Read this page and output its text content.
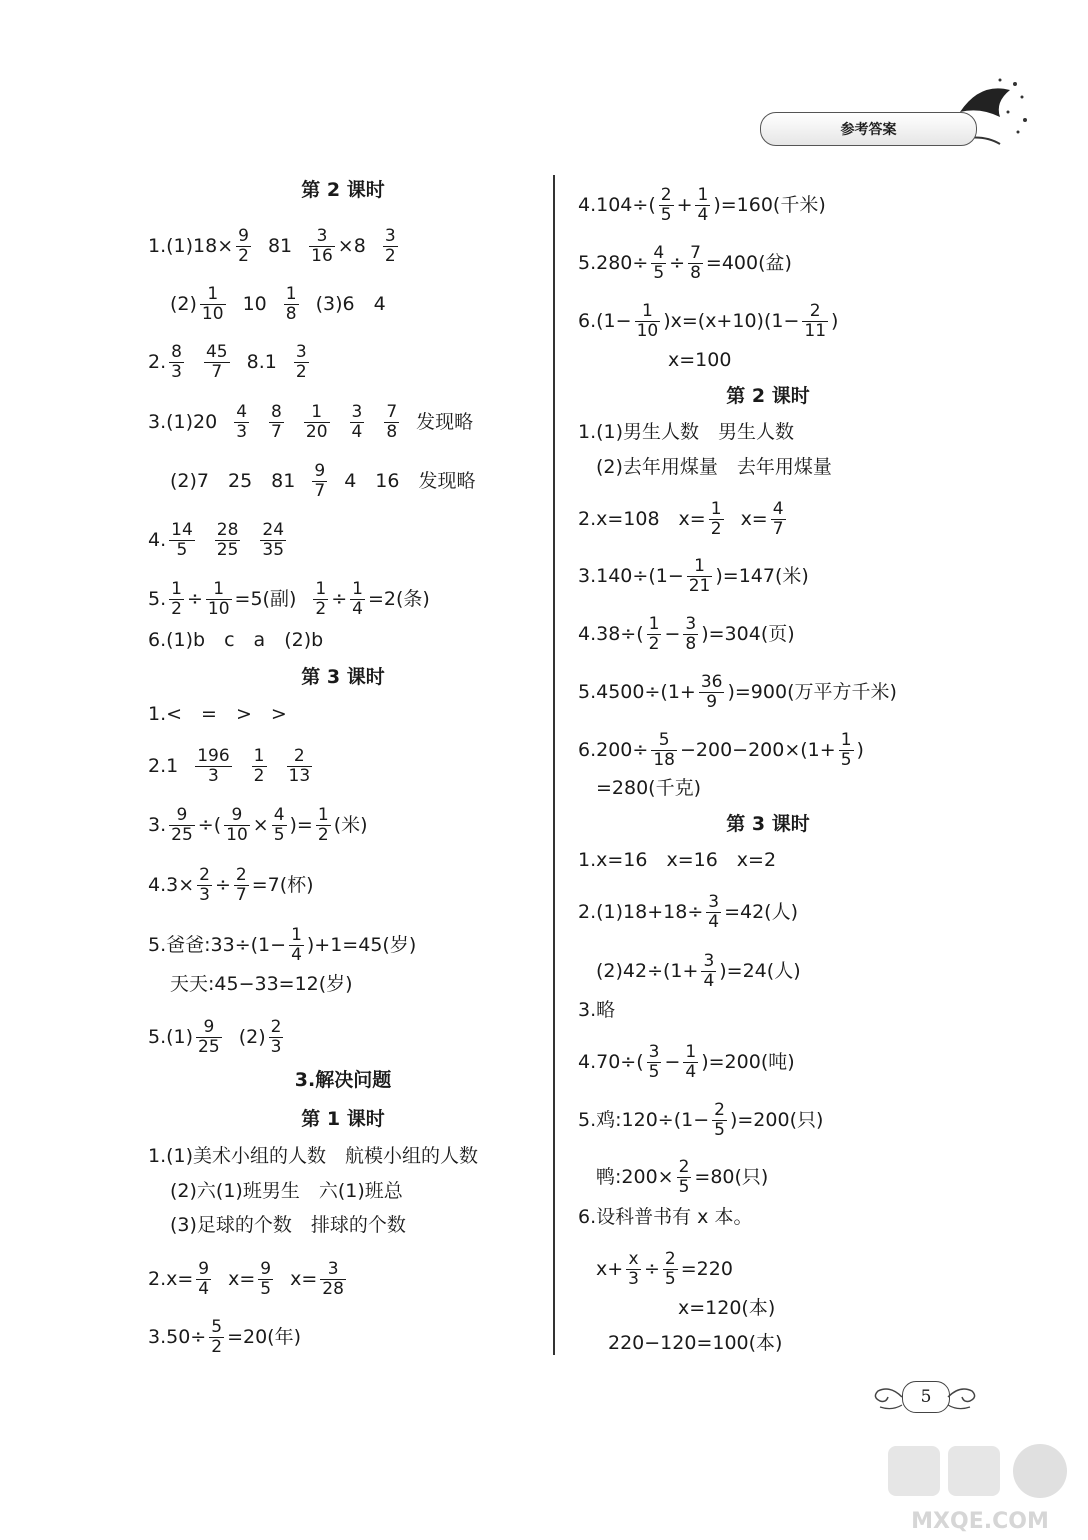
参考答案
第 2 课时
$1.(1)18\times \frac{9}{2} 81 \frac{3}{16} \times 8 \frac{3}{2}$
$(2) \frac{1}{10} 10 \frac{1}{8} (3)6$　4
2. $\frac{8}{3} \frac{45}{7} 8.1 \frac{3}{2}$
$3.(1)20 \frac{4}{3} \frac{8}{7} \frac{1}{20} \frac{3}{4} \frac{7}{8}$ 发现略
(2)7　25　$81 \frac{9}{7} 4$　16　发现略
4. $\frac{14}{5} \frac{28}{25} \frac{24}{35}$
5. $\frac{1}{2} \div \frac{1}{10} =5$(副) $\frac{1}{2} \div \frac{1}{4} =2$(条)
6.(1)b　c　a　(2)b
第 3 课时
1.<　=　>　>
$2.1 \frac{196}{3} \frac{1}{2} \frac{2}{13}$
3. $\frac{9}{25}$ ÷( $\frac{9}{10} \times \frac{4}{5}$ )= $\frac{1}{2}$ (米)
$4.3\times \frac{2}{3} \div \frac{2}{7} =7$(杯)
5.爸爸:33÷(1− $\frac{1}{4} )+1=45$(岁)
天天:45−33=12(岁)
$5.(1) \frac{9}{25} (2) \frac{2}{3}$
3.解决问题
第 1 课时
1.(1)美术小组的人数　航模小组的人数
(2)六(1)班男生　六(1)班总
(3)足球的个数　排球的个数
$2.x= \frac{9}{4} x= \frac{9}{5} x= \frac{3}{28}$
$3.50\div \frac{5}{2} =20$(年)
$4.104\div( \frac{2}{5} + \frac{1}{4} )=160$(千米)
$5.280\div \frac{4}{5} \div \frac{7}{8} =400$(盆)
$6.(1- \frac{1}{10} )x=(x+10)(1- \frac{2}{11}$ )
x=100
第 2 课时
1.(1)男生人数　男生人数
(2)去年用煤量　去年用煤量
2.x=108　$x= \frac{1}{2} x= \frac{4}{7}$
$3.140\div(1- \frac{1}{21} )=147$(米)
$4.38\div( \frac{1}{2} - \frac{3}{8} )=304$(页)
$5.4500\div(1+ \frac{36}{9} )=900$(万平方千米)
$6.200\div \frac{5}{18} -200-200\times(1+ \frac{1}{5}$ )
=280(千克)
第 3 课时
1.x=16　x=16　x=2
$2.(1)18+18\div \frac{3}{4} =42$(人)
$(2)42\div(1+ \frac{3}{4} )=24$(人)
3.略
$4.70\div( \frac{3}{5} - \frac{1}{4} )=200$(吨)
5.鸡:120÷(1− $\frac{2}{5} )=200$(只)
鸭:200× $\frac{2}{5} =80$(只)
6.设科普书有 x 本。
$x+ \frac{x}{3} \div \frac{2}{5} =220$
x=120(本)
220−120=100(本)
5
MXQE.COM
